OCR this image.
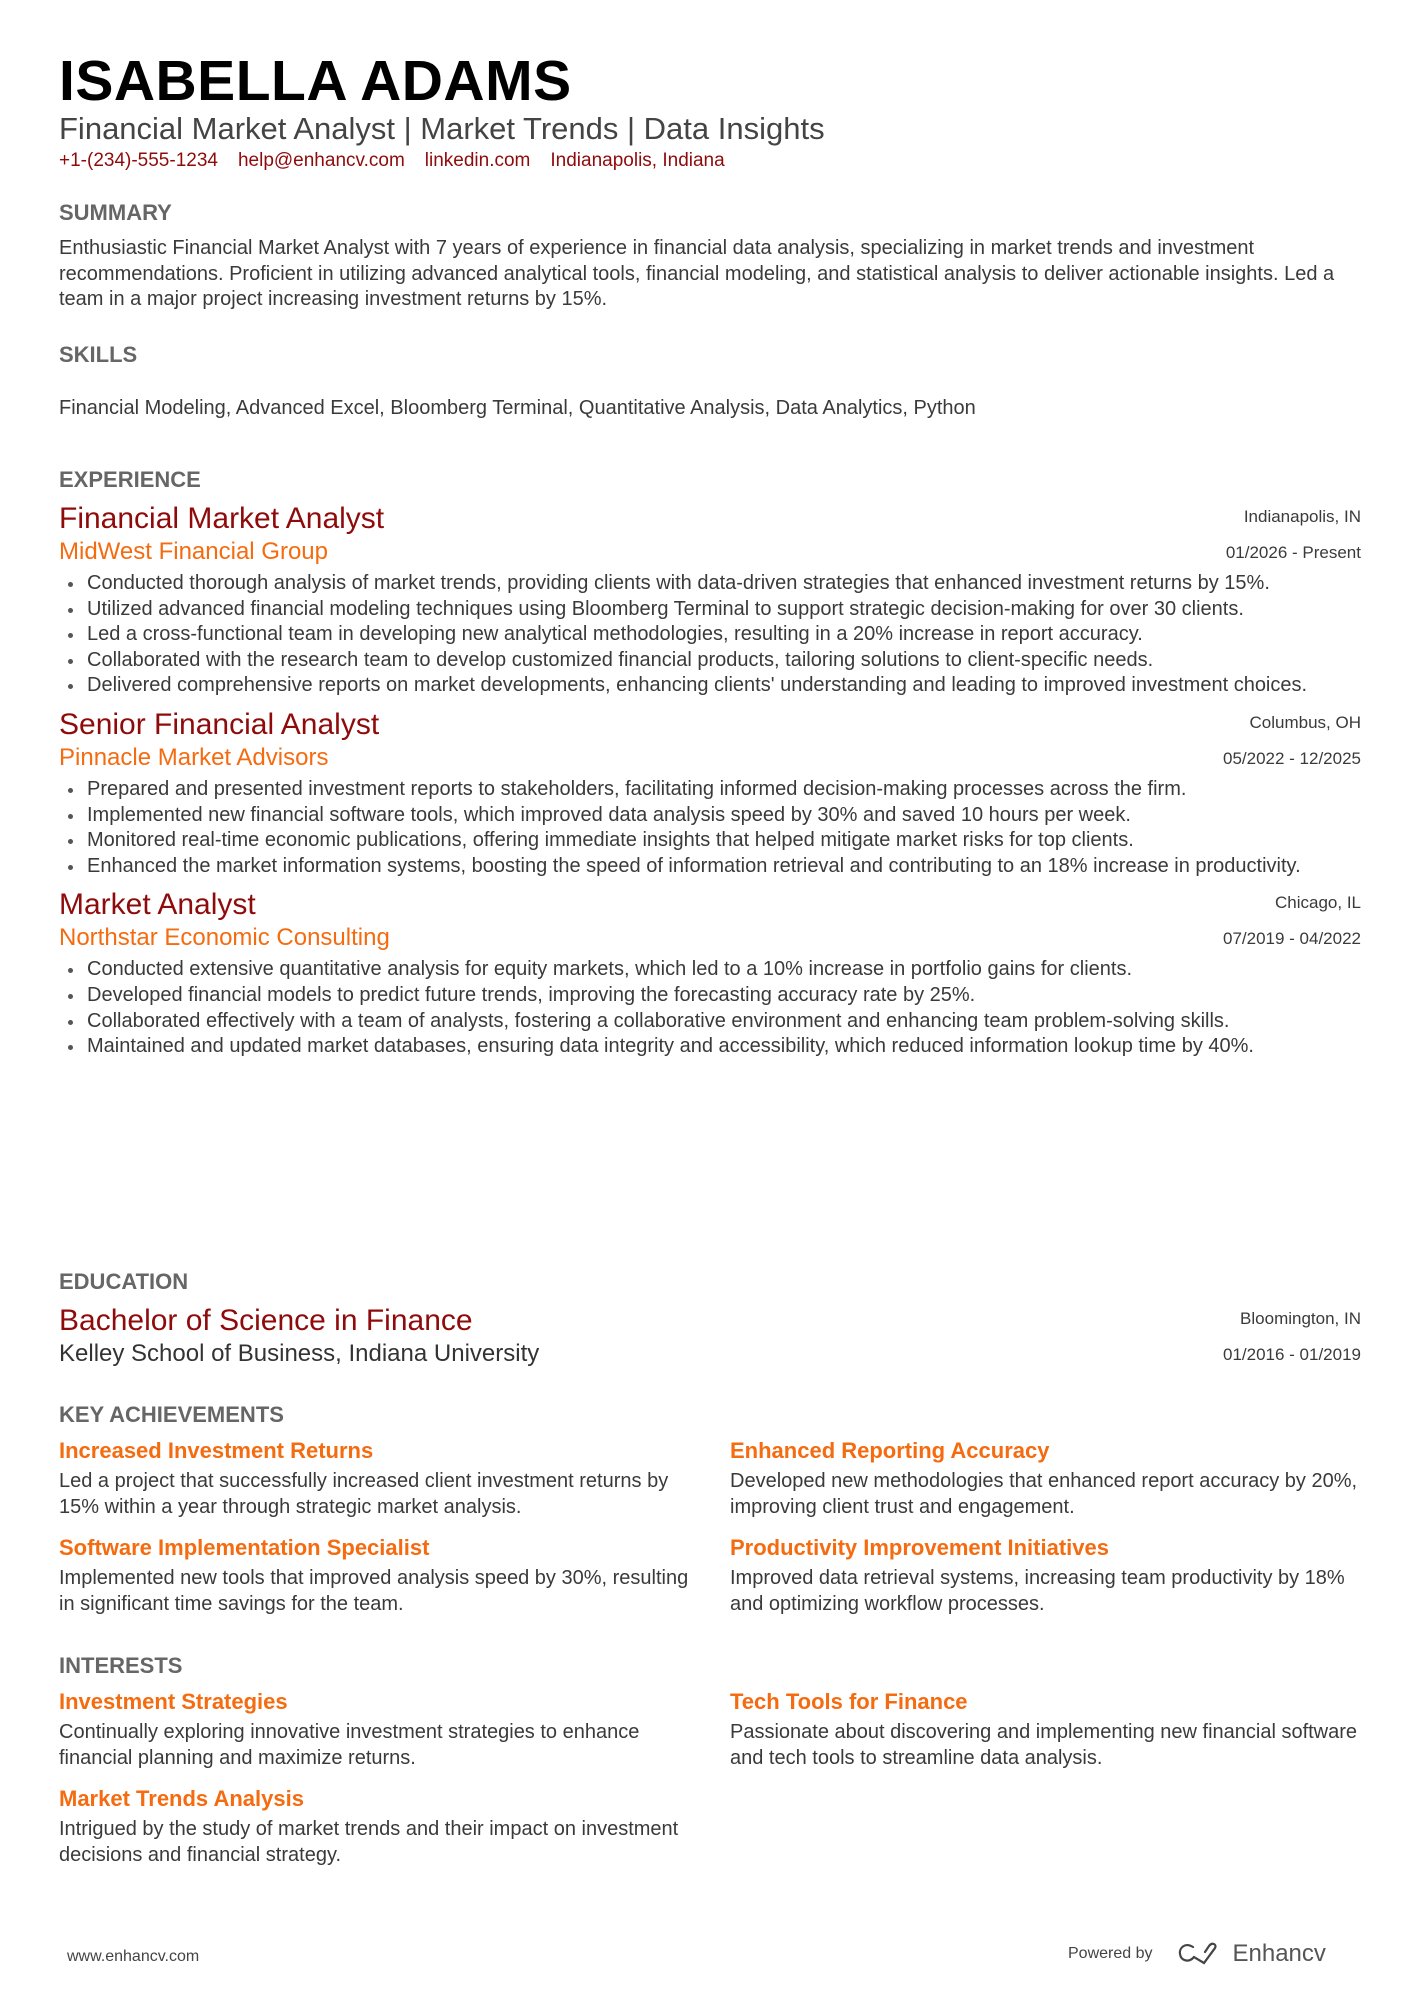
ISABELLA ADAMS
Financial Market Analyst | Market Trends | Data Insights
+1-(234)-555-1234 help@enhancv.com linkedin.com Indianapolis, Indiana
SUMMARY
Enthusiastic Financial Market Analyst with 7 years of experience in financial data analysis, specializing in market trends and investment recommendations. Proficient in utilizing advanced analytical tools, financial modeling, and statistical analysis to deliver actionable insights. Led a team in a major project increasing investment returns by 15%.
SKILLS
Financial Modeling, Advanced Excel, Bloomberg Terminal, Quantitative Analysis, Data Analytics, Python
EXPERIENCE
Financial Market Analyst
MidWest Financial Group
Indianapolis, IN
01/2026 - Present
Conducted thorough analysis of market trends, providing clients with data-driven strategies that enhanced investment returns by 15%.
Utilized advanced financial modeling techniques using Bloomberg Terminal to support strategic decision-making for over 30 clients.
Led a cross-functional team in developing new analytical methodologies, resulting in a 20% increase in report accuracy.
Collaborated with the research team to develop customized financial products, tailoring solutions to client-specific needs.
Delivered comprehensive reports on market developments, enhancing clients' understanding and leading to improved investment choices.
Senior Financial Analyst
Pinnacle Market Advisors
Columbus, OH
05/2022 - 12/2025
Prepared and presented investment reports to stakeholders, facilitating informed decision-making processes across the firm.
Implemented new financial software tools, which improved data analysis speed by 30% and saved 10 hours per week.
Monitored real-time economic publications, offering immediate insights that helped mitigate market risks for top clients.
Enhanced the market information systems, boosting the speed of information retrieval and contributing to an 18% increase in productivity.
Market Analyst
Northstar Economic Consulting
Chicago, IL
07/2019 - 04/2022
Conducted extensive quantitative analysis for equity markets, which led to a 10% increase in portfolio gains for clients.
Developed financial models to predict future trends, improving the forecasting accuracy rate by 25%.
Collaborated effectively with a team of analysts, fostering a collaborative environment and enhancing team problem-solving skills.
Maintained and updated market databases, ensuring data integrity and accessibility, which reduced information lookup time by 40%.
EDUCATION
Bachelor of Science in Finance
Kelley School of Business, Indiana University
Bloomington, IN
01/2016 - 01/2019
KEY ACHIEVEMENTS
Increased Investment Returns
Led a project that successfully increased client investment returns by 15% within a year through strategic market analysis.
Enhanced Reporting Accuracy
Developed new methodologies that enhanced report accuracy by 20%, improving client trust and engagement.
Software Implementation Specialist
Implemented new tools that improved analysis speed by 30%, resulting in significant time savings for the team.
Productivity Improvement Initiatives
Improved data retrieval systems, increasing team productivity by 18% and optimizing workflow processes.
INTERESTS
Investment Strategies
Continually exploring innovative investment strategies to enhance financial planning and maximize returns.
Tech Tools for Finance
Passionate about discovering and implementing new financial software and tech tools to streamline data analysis.
Market Trends Analysis
Intrigued by the study of market trends and their impact on investment decisions and financial strategy.
www.enhancv.com	Powered by	Enhancv
